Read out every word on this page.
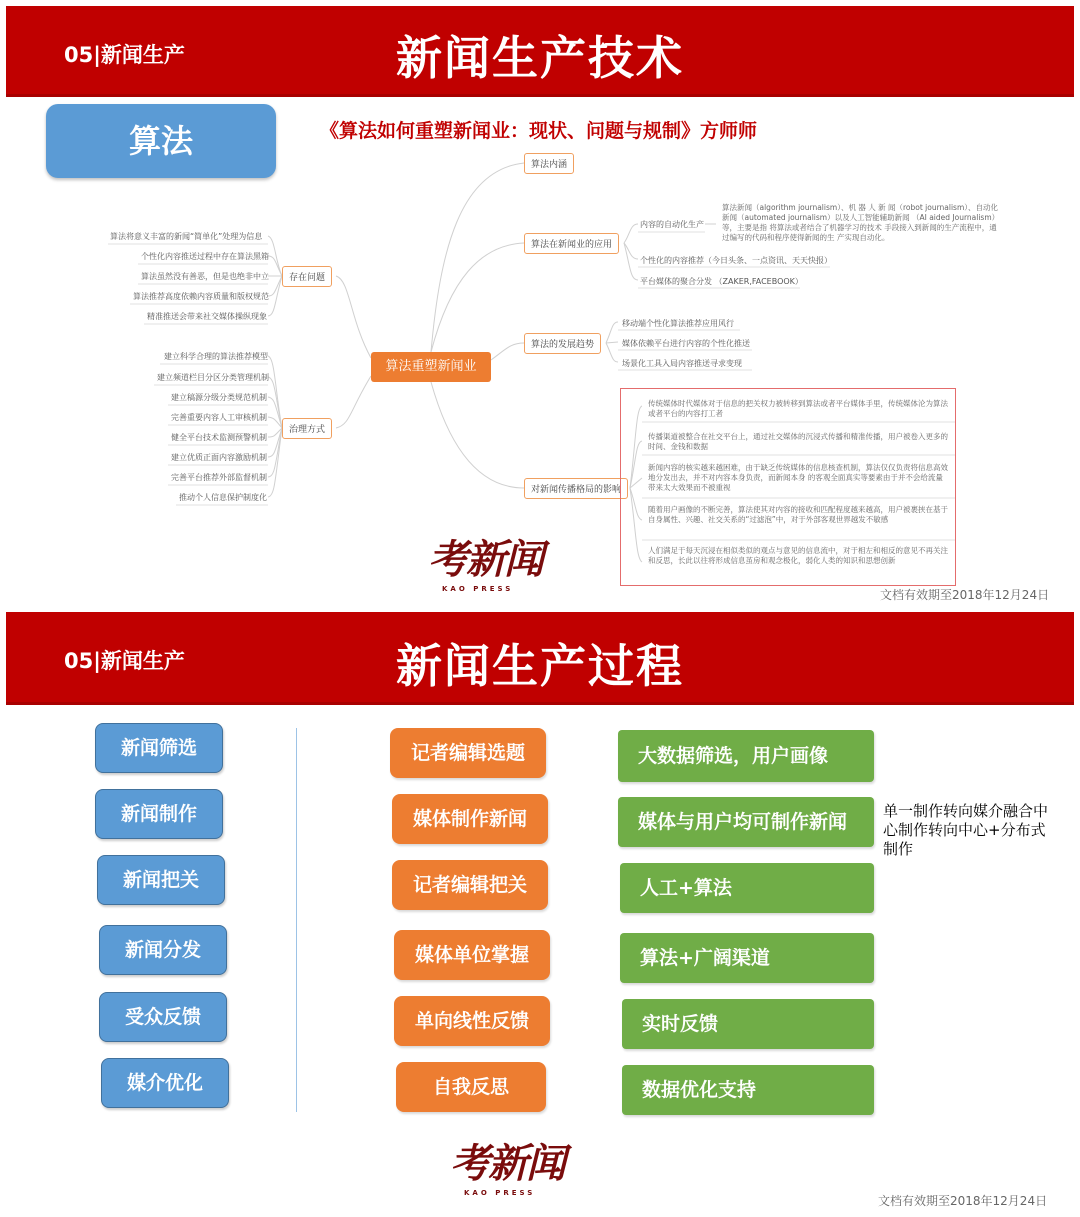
05|新闻生产	新闻生产技术
算法	《算法如何重塑新闻业：现状、问题与规制》方师师
算法重塑新闻业
存在问题
算法将意义丰富的新闻“简单化”处理为信息
个性化内容推送过程中存在算法黑箱
算法虽然没有善恶，但是也绝非中立
算法推荐高度依赖内容质量和版权规范
精准推送会带来社交媒体操纵现象
治理方式
建立科学合理的算法推荐模型
建立频道栏目分区分类管理机制
建立稿源分级分类规范机制
完善重要内容人工审核机制
健全平台技术监测预警机制
建立优质正面内容激励机制
完善平台推荐外部监督机制
推动个人信息保护制度化
算法内涵
算法在新闻业的应用
内容的自动化生产
算法新闻（algorithm journalism）、机 器 人 新 闻（robot journalism）、自动化新闻（automated journalism）以及人工智能辅助新闻 （AI aided Journalism）等，主要是指 将算法或者结合了机器学习的技术 手段接入到新闻的生产流程中，通 过编写的代码和程序使得新闻的生 产实现自动化。
个性化的内容推荐（今日头条、一点资讯、天天快报）
平台媒体的聚合分发 （ZAKER,FACEBOOK）
算法的发展趋势
移动端个性化算法推荐应用风行
媒体依赖平台进行内容的个性化推送
场景化工具入局内容推送寻求变现
对新闻传播格局的影响
传统媒体时代媒体对于信息的把关权力被转移到算法或者平台媒体手里，传统媒体沦为算法或者平台的内容打工者
传播渠道被整合在社交平台上，通过社交媒体的沉浸式传播和精准传播，用户被卷入更多的时间、金钱和数据
新闻内容的核实越来越困难，由于缺乏传统媒体的信息核查机制，算法仅仅负责将信息高效地分发出去，并不对内容本身负责，而新闻本身 的客观全面真实等要素由于并不会给流量带来太大效果而不被重视
随着用户画像的不断完善，算法使其对内容的接收和匹配程度越来越高，用户被裹挟在基于自身属性、兴趣、社交关系的“过滤泡”中，对于外部客观世界越发不敏感
人们满足于每天沉浸在相似类似的观点与意见的信息流中，对于相左和相反的意见不再关注和反思，长此以往将形成信息茧房和观念极化，弱化人类的知识和思想创新
考新闻
KAO PRESS	文档有效期至2018年12月24日
05|新闻生产	新闻生产过程
新闻筛选
新闻制作
新闻把关
新闻分发
受众反馈
媒介优化
记者编辑选题
媒体制作新闻
记者编辑把关
媒体单位掌握
单向线性反馈
自我反思
大数据筛选，用户画像
媒体与用户均可制作新闻
人工+算法
算法+广阔渠道
实时反馈
数据优化支持
单一制作转向媒介融合中心制作转向中心+分布式制作
考新闻
KAO PRESS
文档有效期至2018年12月24日
